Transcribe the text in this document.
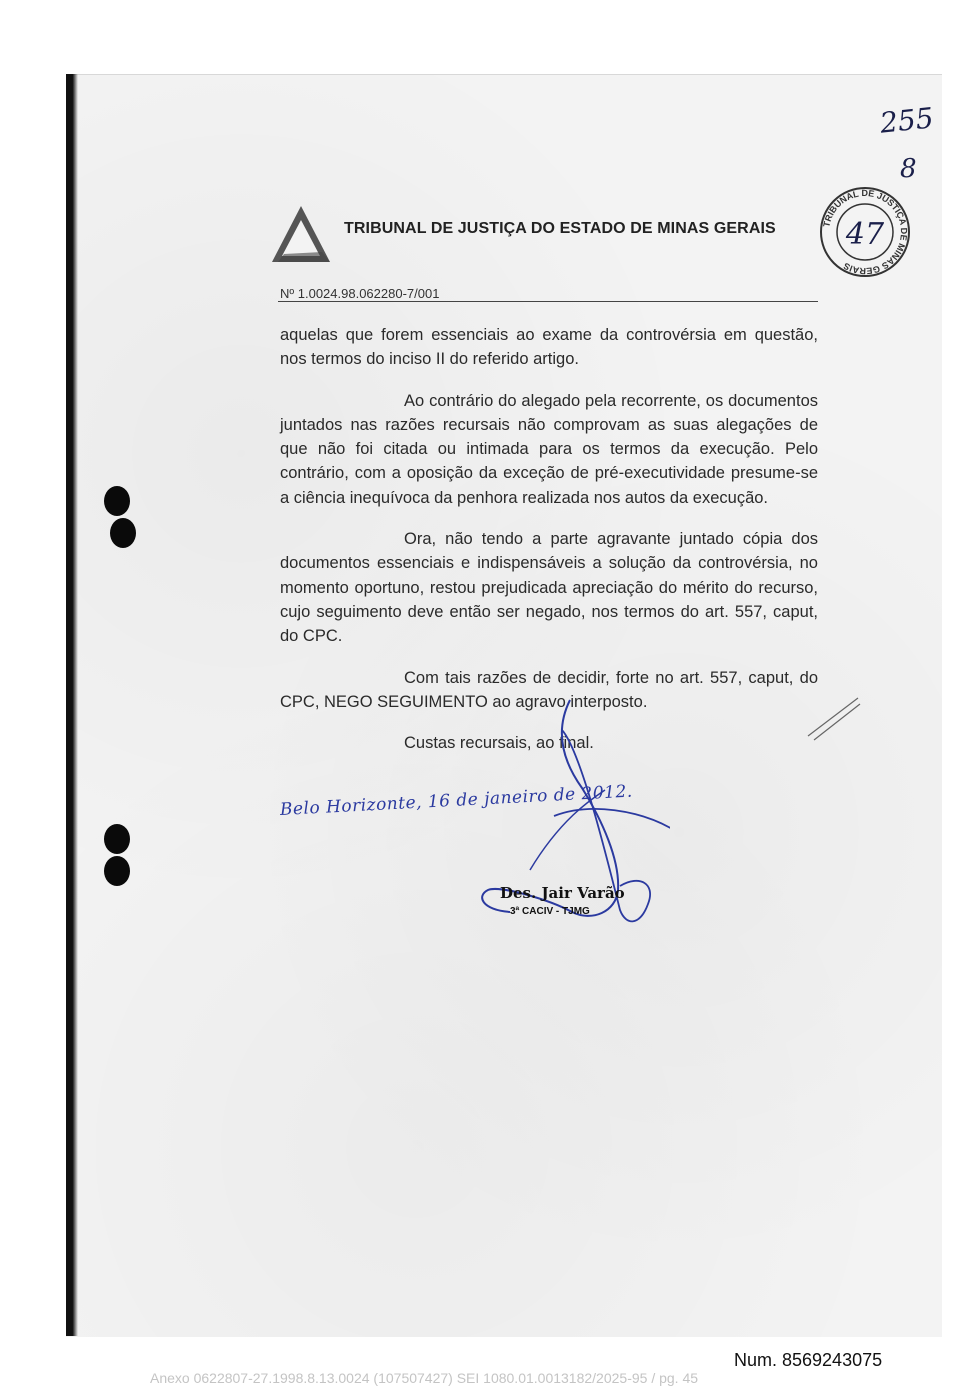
255
8
TRIBUNAL DE JUSTIÇA DO ESTADO DE MINAS GERAIS	TRIBUNAL DE JUSTIÇA DE MINAS GERAIS
47
Nº 1.0024.98.062280-7/001

aquelas que forem essenciais ao exame da controvérsia em questão, nos termos do inciso II do referido artigo.

Ao contrário do alegado pela recorrente, os documentos juntados nas razões recursais não comprovam as suas alegações de que não foi citada ou intimada para os termos da execução. Pelo contrário, com a oposição da exceção de pré-executividade presume-se a ciência inequívoca da penhora realizada nos autos da execução.

Ora, não tendo a parte agravante juntado cópia dos documentos essenciais e indispensáveis a solução da controvérsia, no momento oportuno, restou prejudicada apreciação do mérito do recurso, cujo seguimento deve então ser negado, nos termos do art. 557, caput, do CPC.

Com tais razões de decidir, forte no art. 557, caput, do CPC, NEGO SEGUIMENTO ao agravo interposto.

Custas recursais, ao final.

Belo Horizonte, 16 de janeiro de 2012.
Des. Jair Varão
3ª CACIV - TJMG
Num. 8569243075
Anexo 0622807-27.1998.8.13.0024 (107507427) SEI 1080.01.0013182/2025-95 / pg. 45
